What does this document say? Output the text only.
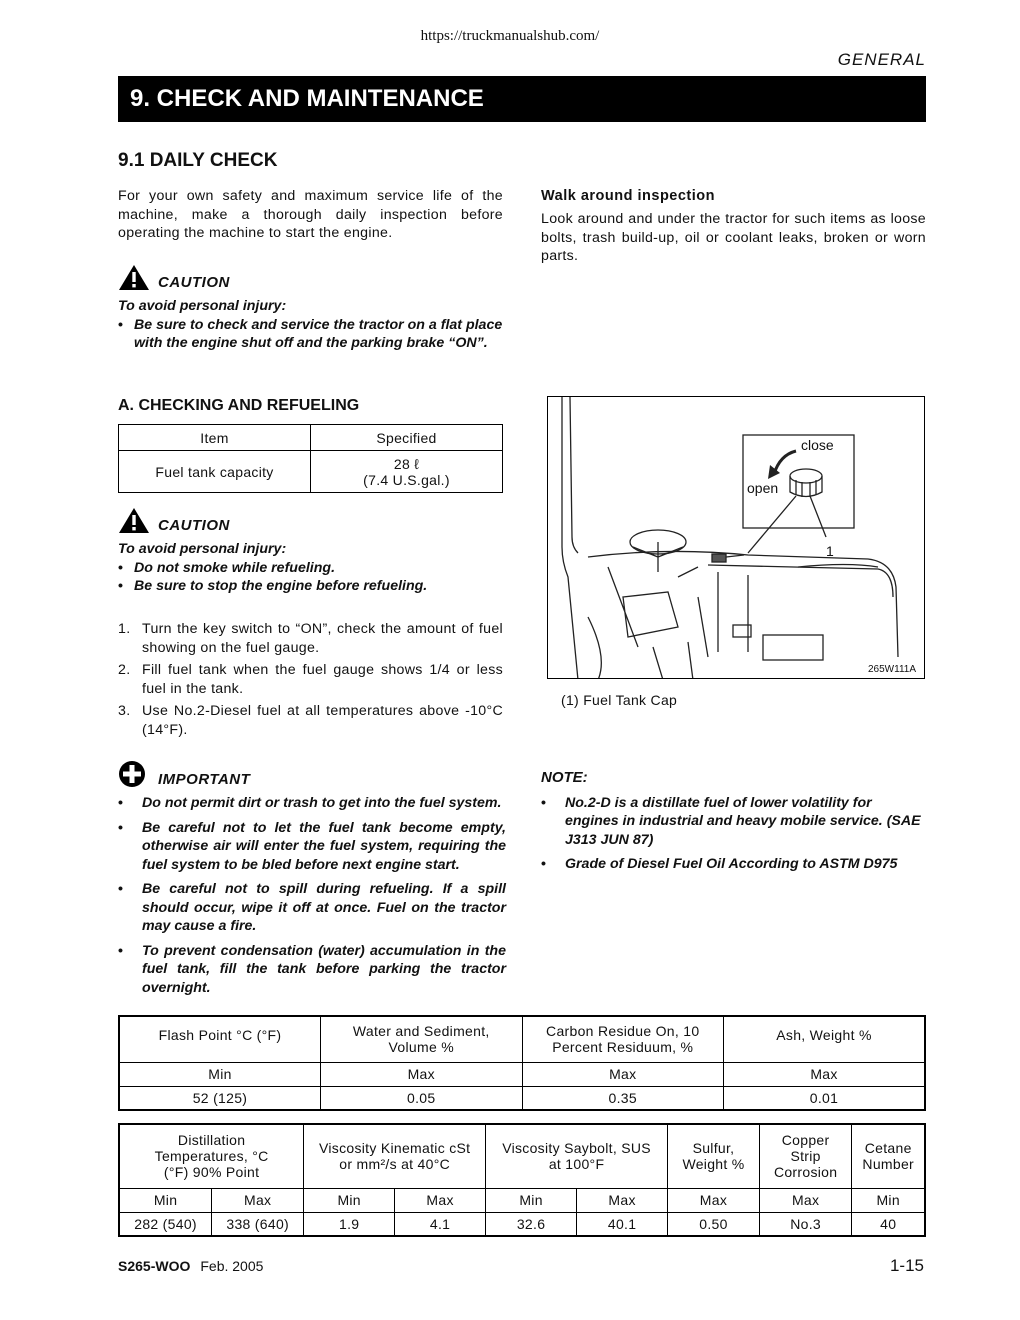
https://truckmanualshub.com/
GENERAL
9. CHECK AND MAINTENANCE
9.1 DAILY CHECK
For your own safety and maximum service life of the machine, make a thorough daily inspection before operating the machine to start the engine.
CAUTION
To avoid personal injury:
• Be sure to check and service the tractor on a flat place with the engine shut off and the parking brake “ON”.
Walk around inspection
Look around and under the tractor for such items as loose bolts, trash build-up, oil or coolant leaks, broken or worn parts.
A. CHECKING AND REFUELING
Item	Specified
Fuel tank capacity	28 ℓ
(7.4 U.S.gal.)
CAUTION
To avoid personal injury:
• Do not smoke while refueling.
• Be sure to stop the engine before refueling.
1. Turn the key switch to “ON”, check the amount of fuel showing on the fuel gauge.
2. Fill fuel tank when the fuel gauge shows 1/4 or less fuel in the tank.
3. Use No.2-Diesel fuel at all temperatures above -10°C (14°F).
close
open
1
265W111A
(1) Fuel Tank Cap
IMPORTANT
• Do not permit dirt or trash to get into the fuel system.
• Be careful not to let the fuel tank become empty, otherwise air will enter the fuel system, requiring the fuel system to be bled before next engine start.
• Be careful not to spill during refueling. If a spill should occur, wipe it off at once. Fuel on the tractor may cause a fire.
• To prevent condensation (water) accumulation in the fuel tank, fill the tank before parking the tractor overnight.
NOTE:
• No.2-D is a distillate fuel of lower volatility for engines in industrial and heavy mobile service. (SAE J313 JUN 87)
• Grade of Diesel Fuel Oil According to ASTM D975
Flash Point °C (°F)	Water and Sediment, Volume %	Carbon Residue On, 10 Percent Residuum, %	Ash, Weight %
Min	Max	Max	Max
52 (125)	0.05	0.35	0.01
Distillation Temperatures, °C (°F) 90% Point		Viscosity Kinematic cSt or mm²/s at 40°C		Viscosity Saybolt, SUS at 100°F		Sulfur, Weight %	Copper Strip Corrosion	Cetane Number
Min	Max	Min	Max	Min	Max	Max	Max	Min
282 (540)	338 (640)	1.9	4.1	32.6	40.1	0.50	No.3	40
S265-WOO Feb. 2005	1-15
